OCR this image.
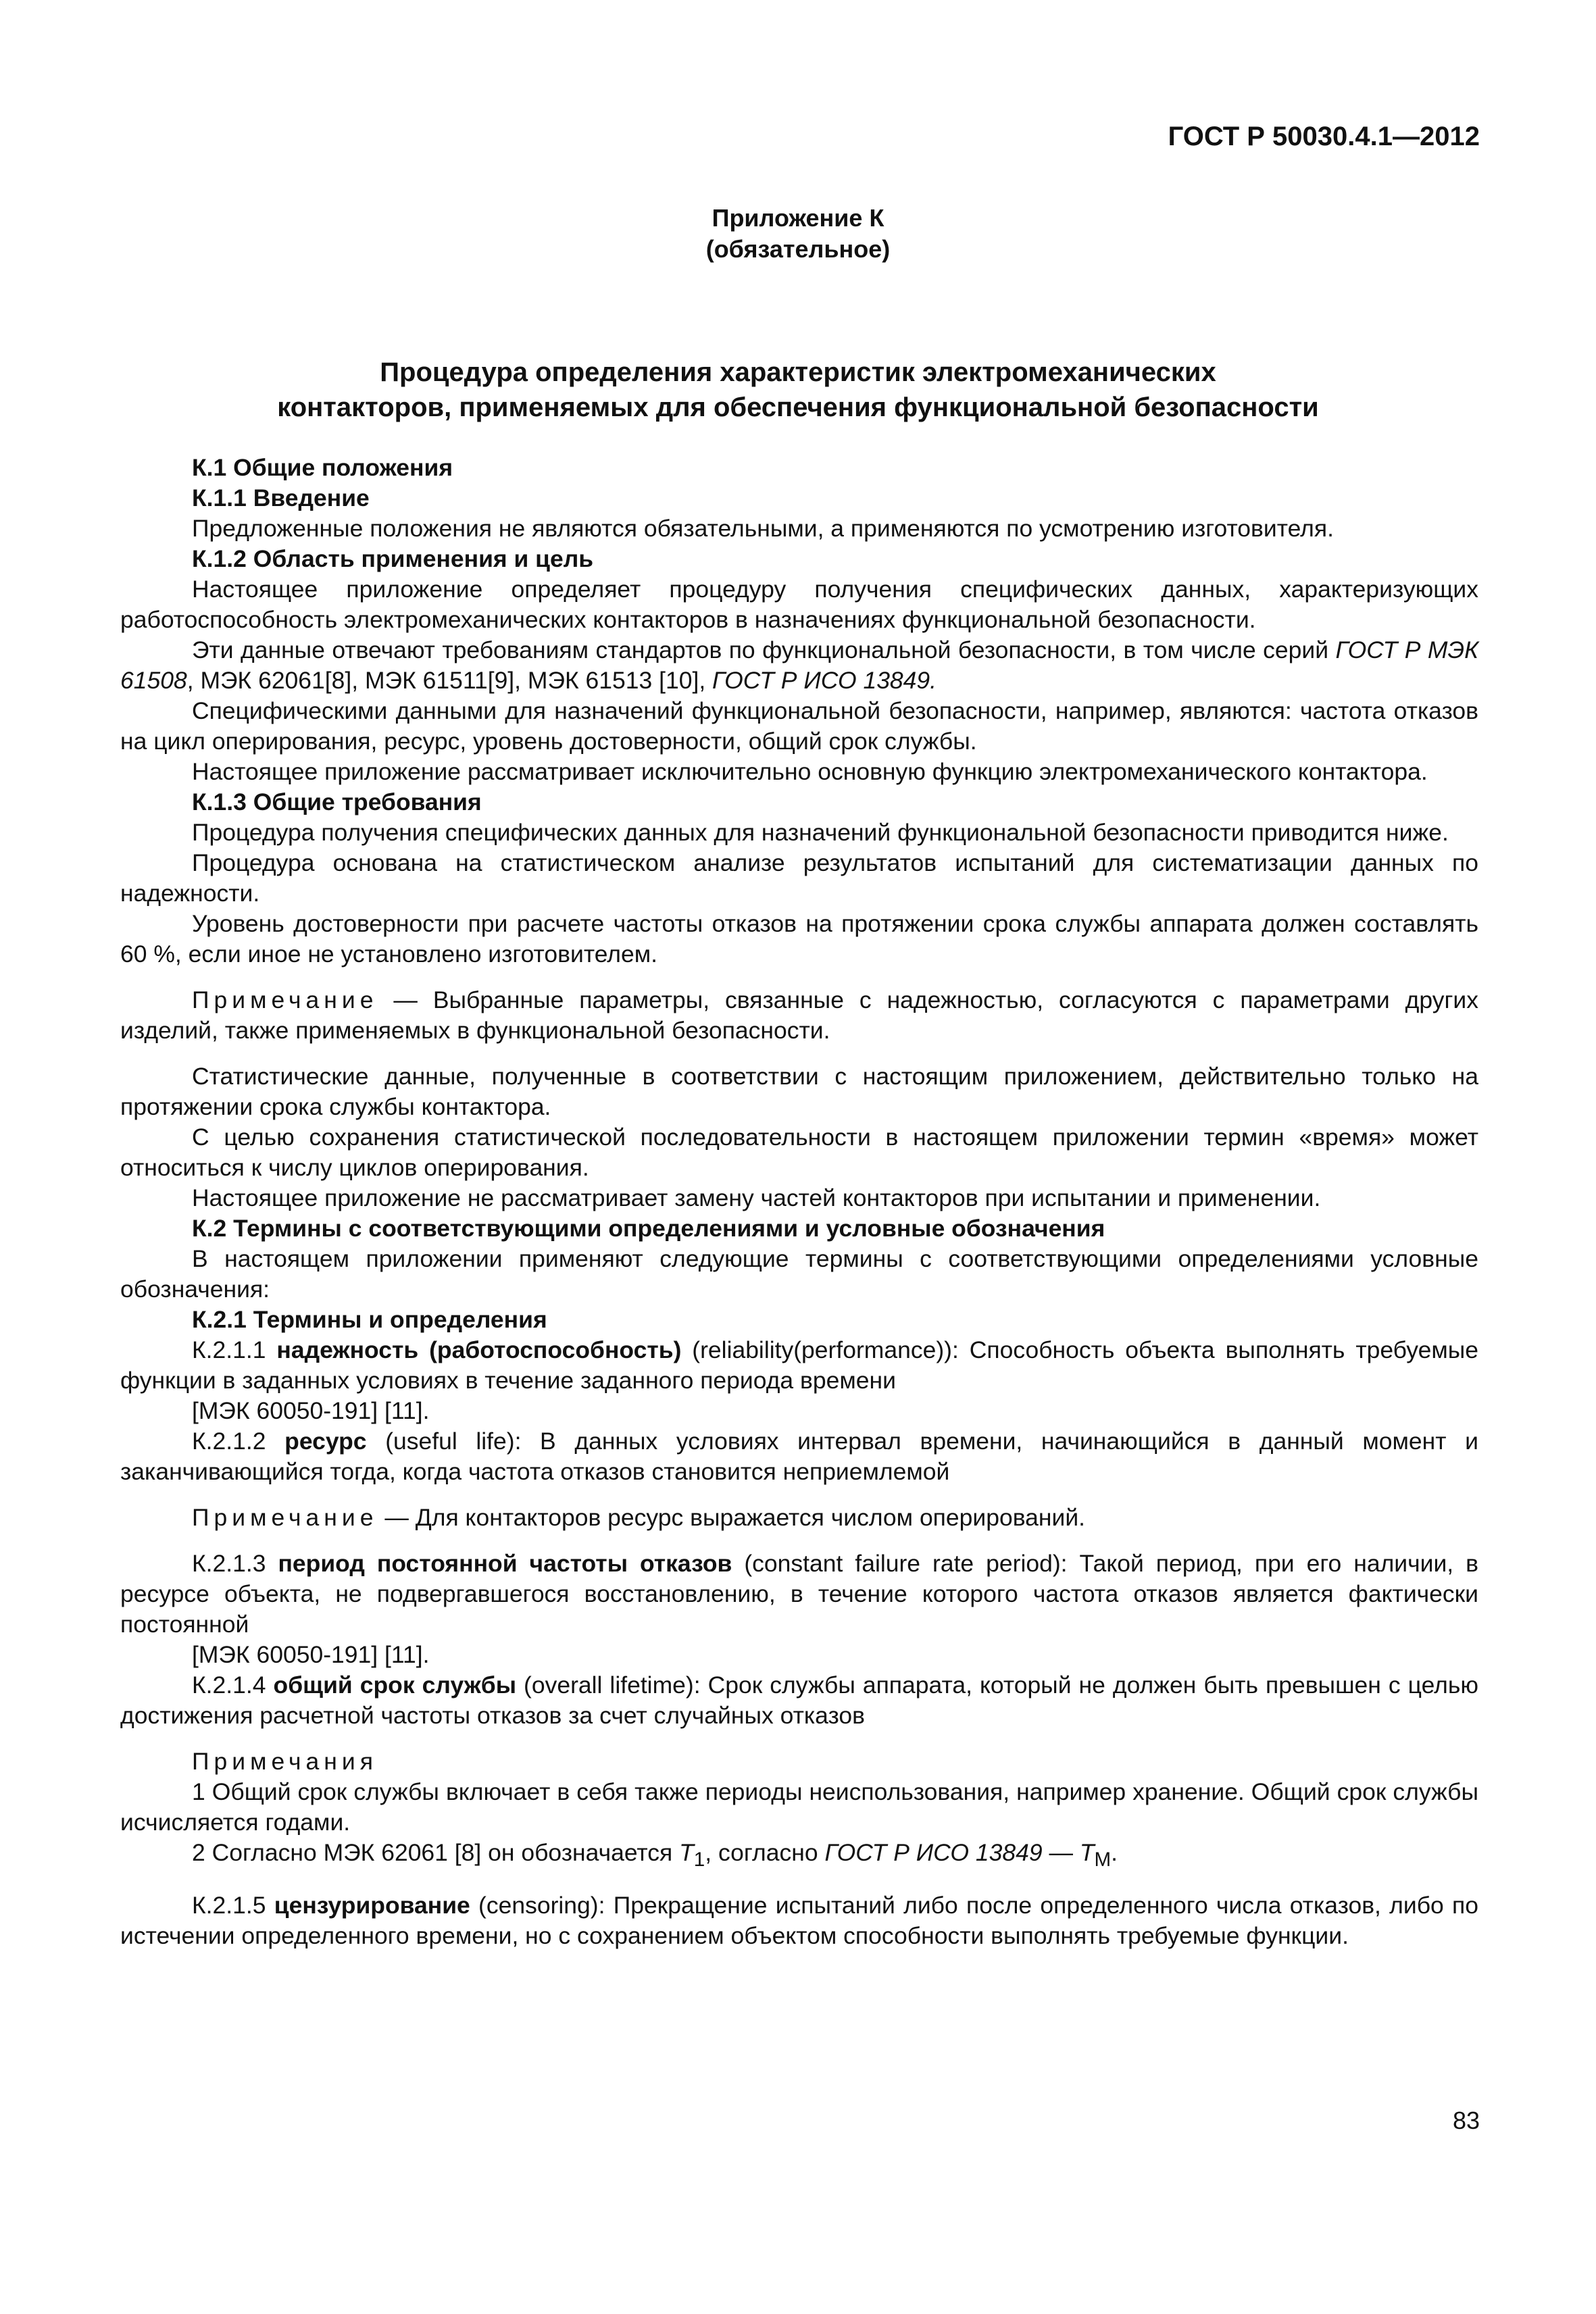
ГОСТ Р 50030.4.1—2012
Приложение К
(обязательное)
Процедура определения характеристик электромеханических
контакторов, применяемых для обеспечения функциональной безопасности

К.1 Общие положения

К.1.1 Введение

Предложенные положения не являются обязательными, а применяются по усмотрению изготовителя.

К.1.2 Область применения и цель

Настоящее приложение определяет процедуру получения специфических данных, характеризующих работоспособность электромеханических контакторов в назначениях функциональной безопасности.

Эти данные отвечают требованиям стандартов по функциональной безопасности, в том числе серий ГОСТ Р МЭК 61508, МЭК 62061[8], МЭК 61511[9], МЭК 61513 [10], ГОСТ Р ИСО 13849.

Специфическими данными для назначений функциональной безопасности, например, являются: частота отказов на цикл оперирования, ресурс, уровень достоверности, общий срок службы.

Настоящее приложение рассматривает исключительно основную функцию электромеханического контактора.

К.1.3 Общие требования

Процедура получения специфических данных для назначений функциональной безопасности приводится ниже.

Процедура основана на статистическом анализе результатов испытаний для систематизации данных по надежности.

Уровень достоверности при расчете частоты отказов на протяжении срока службы аппарата должен составлять 60 %, если иное не установлено изготовителем.

Примечание — Выбранные параметры, связанные с надежностью, согласуются с параметрами других изделий, также применяемых в функциональной безопасности.

Статистические данные, полученные в соответствии с настоящим приложением, действительно только на протяжении срока службы контактора.

С целью сохранения статистической последовательности в настоящем приложении термин «время» может относиться к числу циклов оперирования.

Настоящее приложение не рассматривает замену частей контакторов при испытании и применении.

К.2 Термины с соответствующими определениями и условные обозначения

В настоящем приложении применяют следующие термины с соответствующими определениями условные обозначения:

К.2.1 Термины и определения

К.2.1.1 надежность (работоспособность) (reliability(performance)): Способность объекта выполнять требуемые функции в заданных условиях в течение заданного периода времени

[МЭК 60050-191] [11].

К.2.1.2 ресурс (useful life): В данных условиях интервал времени, начинающийся в данный момент и заканчивающийся тогда, когда частота отказов становится неприемлемой

Примечание — Для контакторов ресурс выражается числом оперирований.

К.2.1.3 период постоянной частоты отказов (constant failure rate period): Такой период, при его наличии, в ресурсе объекта, не подвергавшегося восстановлению, в течение которого частота отказов является фактически постоянной

[МЭК 60050-191] [11].

К.2.1.4 общий срок службы (overall lifetime): Срок службы аппарата, который не должен быть превышен с целью достижения расчетной частоты отказов за счет случайных отказов

Примечания

1 Общий срок службы включает в себя также периоды неиспользования, например хранение. Общий срок службы исчисляется годами.

2 Согласно МЭК 62061 [8] он обозначается $T_1$, согласно ГОСТ Р ИСО 13849 — $T_M$.

К.2.1.5 цензурирование (censoring): Прекращение испытаний либо после определенного числа отказов, либо по истечении определенного времени, но с сохранением объектом способности выполнять требуемые функции.

83
